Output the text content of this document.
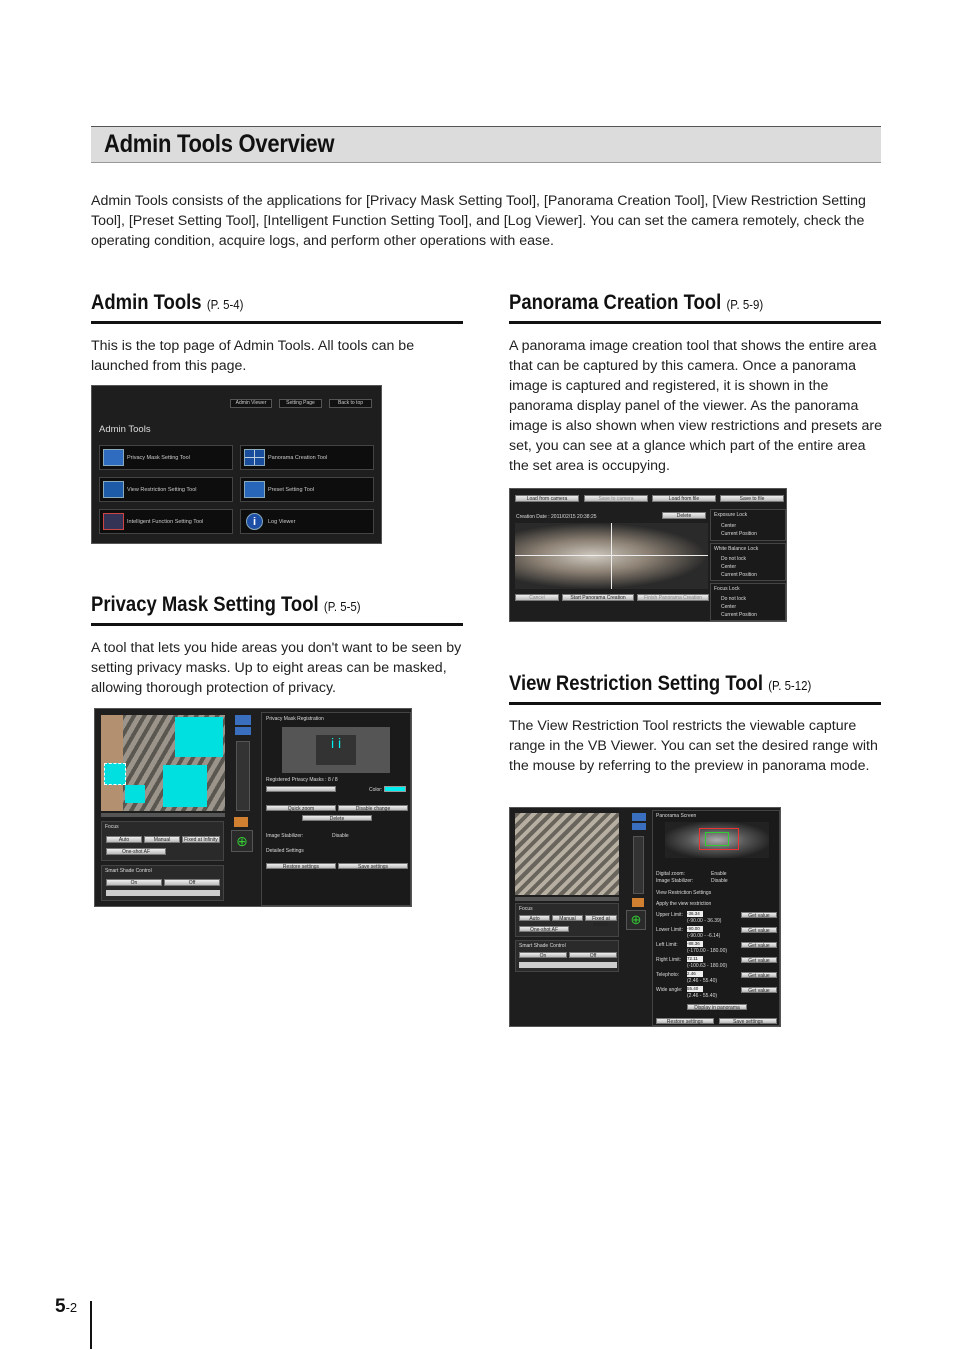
Admin Tools Overview

Admin Tools consists of the applications for [Privacy Mask Setting Tool], [Panorama Creation Tool], [View Restriction Setting Tool], [Preset Setting Tool], [Intelligent Function Setting Tool], and [Log Viewer]. You can set the camera remotely, check the operating condition, acquire logs, and perform other operations with ease.

Admin Tools (P. 5-4)

This is the top page of Admin Tools. All tools can be launched from this page.

Admin Viewer	Setting Page	Back to top
Admin Tools
Privacy Mask Setting Tool	Panorama Creation Tool
View Restriction Setting Tool	Preset Setting Tool
Intelligent Function Setting Tool	i	Log Viewer
Privacy Mask Setting Tool (P. 5-5)

A tool that lets you hide areas you don't want to be seen by setting privacy masks. Up to eight areas can be masked, allowing thorough protection of privacy.

⊕
Focus
Auto	Manual	Fixed at Infinity
One-shot AF
Smart Shade Control
On	Off
Privacy Mask Registration
i i
Registered Privacy Masks : 8 / 8
Color:
Quick zoom	Disable change
Delete
Image Stabilizer:	Disable
Detailed Settings
Restore settings	Save settings
Panorama Creation Tool (P. 5-9)

A panorama image creation tool that shows the entire area that can be captured by this camera. Once a panorama image is captured and registered, it is shown in the panorama display panel of the viewer. As the panorama image is also shown when view restrictions and presets are set, you can see at a glance which part of the entire area the set area is occupying.

Load from camera	Save to camera	Load from file	Save to file
Creation Date : 2011/02/15 20:38:25	Delete
Cancel	Start Panorama Creation	Finish Panorama Creation
Exposure Lock
Center
Current Position
White Balance Lock
Do not lock
Center
Current Position
Focus Lock
Do not lock
Center
Current Position
View Restriction Setting Tool (P. 5-12)

The View Restriction Tool restricts the viewable capture range in the VB Viewer. You can set the desired range with the mouse by referring to the preview in panorama mode.

⊕
Focus
Auto	Manual	Fixed at Infinity
One-shot AF
Smart Shade Control
On	Off
Panorama Screen
Digital zoom:	Enable
Image Stabilizer:	Disable
View Restriction Settings
Apply the view restriction
Upper Limit: -36.34
(-90.00 - 36.39)
Get value
Lower Limit: -90.00
(-90.00 - -6.14)
Get value
Left Limit: -88.36
(-170.00 - 180.00)
Get value
Right Limit: 72.11
(-100.63 - 180.00)
Get value
Telephoto: 2.46
(2.46 - 55.40)
Get value
Wide angle: 55.40
(2.46 - 55.40)
Get value
Display in panorama screen
Restore settings	Save settings
5-2
